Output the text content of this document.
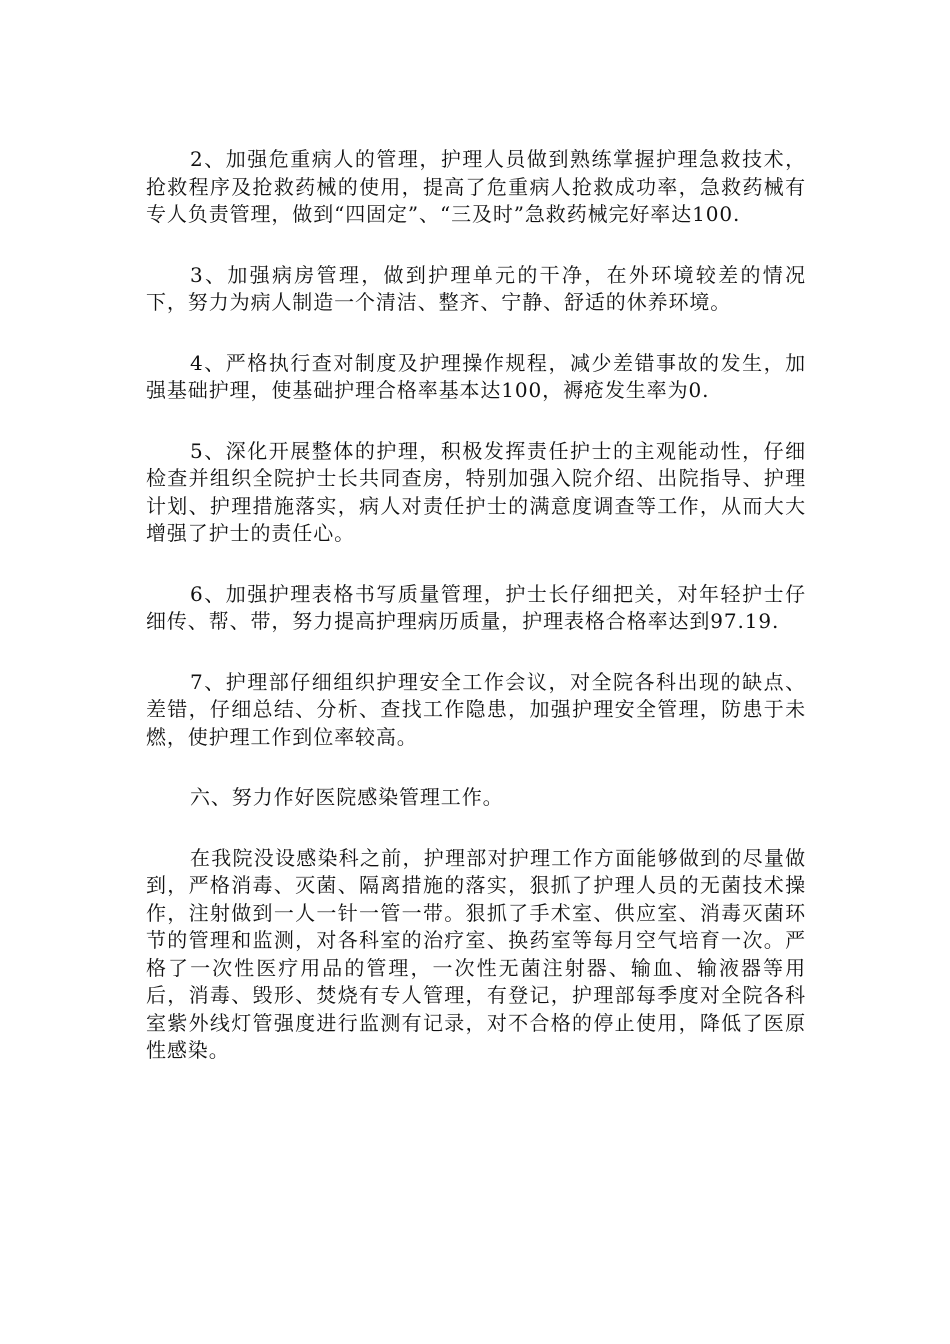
2、加强危重病人的管理，护理人员做到熟练掌握护理急救技术，抢救程序及抢救药械的使用，提高了危重病人抢救成功率，急救药械有专人负责管理，做到“四固定”、“三及时”急救药械完好率达100.

3、加强病房管理，做到护理单元的干净，在外环境较差的情况下，努力为病人制造一个清洁、整齐、宁静、舒适的休养环境。

4、严格执行查对制度及护理操作规程，减少差错事故的发生，加强基础护理，使基础护理合格率基本达100，褥疮发生率为0.

5、深化开展整体的护理，积极发挥责任护士的主观能动性，仔细检查并组织全院护士长共同查房，特别加强入院介绍、出院指导、护理计划、护理措施落实，病人对责任护士的满意度调查等工作，从而大大增强了护士的责任心。

6、加强护理表格书写质量管理，护士长仔细把关，对年轻护士仔细传、帮、带，努力提高护理病历质量，护理表格合格率达到97.19.

7、护理部仔细组织护理安全工作会议，对全院各科出现的缺点、差错，仔细总结、分析、查找工作隐患，加强护理安全管理，防患于未燃，使护理工作到位率较高。

六、努力作好医院感染管理工作。

在我院没设感染科之前，护理部对护理工作方面能够做到的尽量做到，严格消毒、灭菌、隔离措施的落实，狠抓了护理人员的无菌技术操作，注射做到一人一针一管一带。狠抓了手术室、供应室、消毒灭菌环节的管理和监测，对各科室的治疗室、换药室等每月空气培育一次。严格了一次性医疗用品的管理，一次性无菌注射器、输血、输液器等用后，消毒、毁形、焚烧有专人管理，有登记，护理部每季度对全院各科室紫外线灯管强度进行监测有记录，对不合格的停止使用，降低了医原性感染。
